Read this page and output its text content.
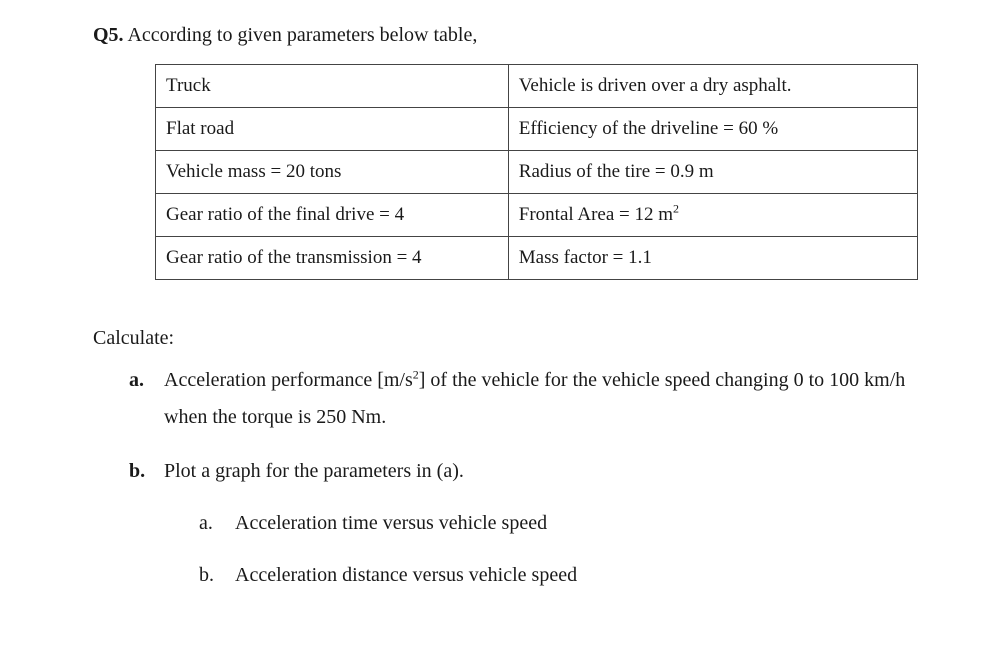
Q5. According to given parameters below table,
Truck	Vehicle is driven over a dry asphalt.
Flat road	Efficiency of the driveline = 60 %
Vehicle mass = 20 tons	Radius of the tire = 0.9 m
Gear ratio of the final drive = 4	Frontal Area = 12 $m^2$
Gear ratio of the transmission = 4	Mass factor = 1.1
Calculate:
a. Acceleration performance $[m/s^2]$ of the vehicle for the vehicle speed changing 0 to 100 km/h
when the torque is 250 Nm.
b. Plot a graph for the parameters in (a).
a. Acceleration time versus vehicle speed
b. Acceleration distance versus vehicle speed
